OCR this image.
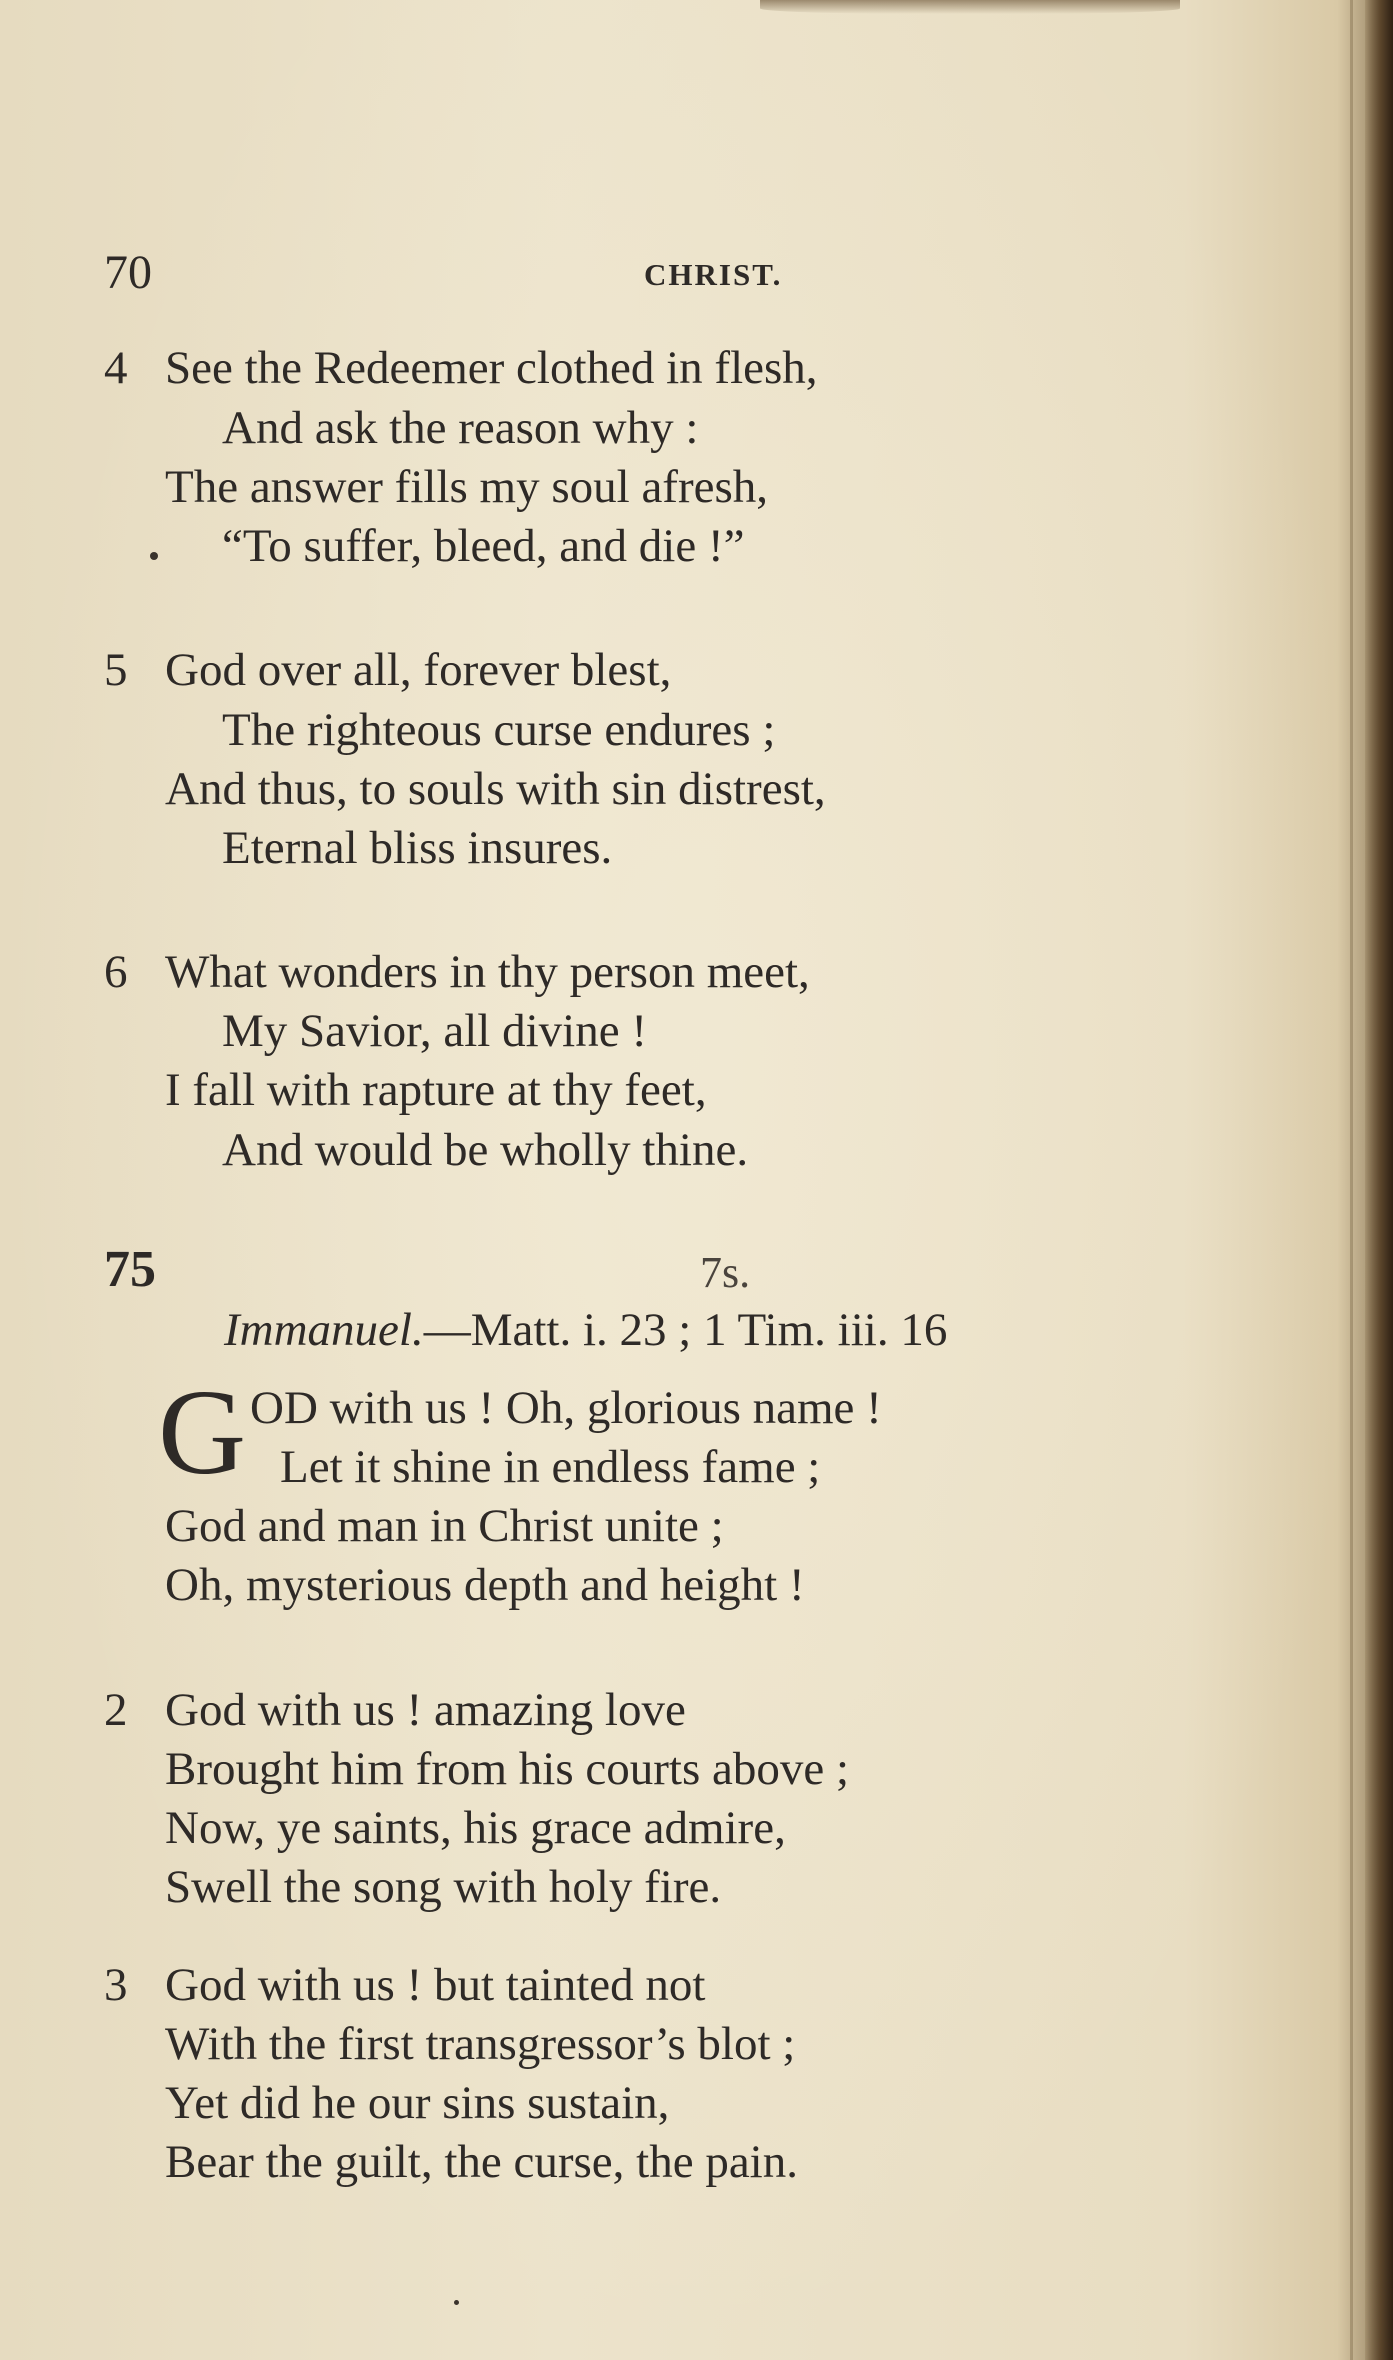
70	CHRIST.
4 See the Redeemer clothed in flesh,
And ask the reason why :
The answer fills my soul afresh,
“To suffer, bleed, and die !”
5 God over all, forever blest,
The righteous curse endures ;
And thus, to souls with sin distrest,
Eternal bliss insures.
6 What wonders in thy person meet,
My Savior, all divine !
I fall with rapture at thy feet,
And would be wholly thine.
75	7s.
Immanuel.—Matt. i. 23 ; 1 Tim. iii. 16
G OD with us ! Oh, glorious name !
Let it shine in endless fame ;
God and man in Christ unite ;
Oh, mysterious depth and height !
2 God with us ! amazing love
Brought him from his courts above ;
Now, ye saints, his grace admire,
Swell the song with holy fire.
3 God with us ! but tainted not
With the first transgressor’s blot ;
Yet did he our sins sustain,
Bear the guilt, the curse, the pain.
